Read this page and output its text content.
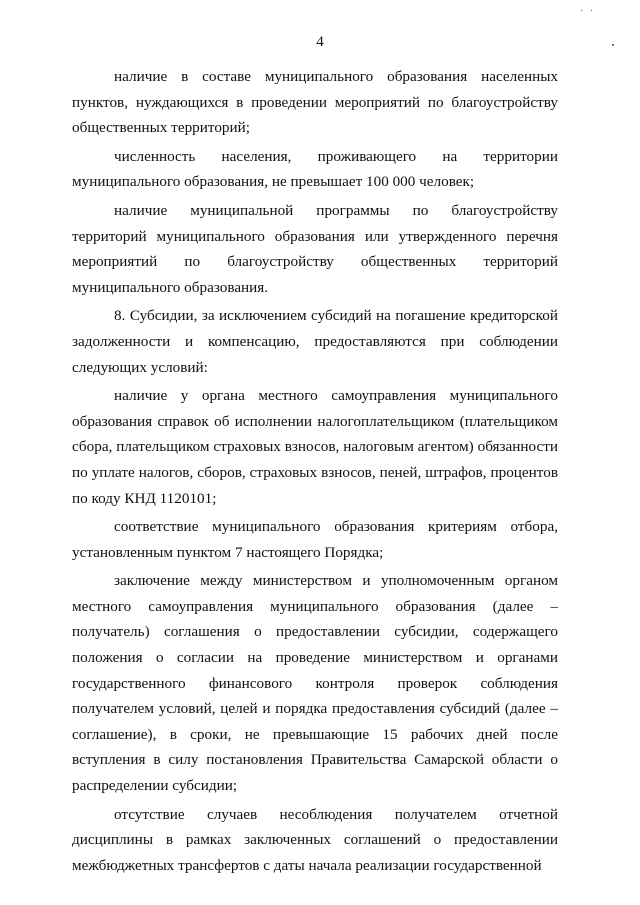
· ·
4

наличие в составе муниципального образования населенных пунктов, нуждающихся в проведении мероприятий по благоустройству общественных территорий;

численность населения, проживающего на территории муниципального образования, не превышает 100 000 человек;

наличие муниципальной программы по благоустройству территорий муниципального образования или утвержденного перечня мероприятий по благоустройству общественных территорий муниципального образования.

8. Субсидии, за исключением субсидий на погашение кредиторской задолженности и компенсацию, предоставляются при соблюдении следующих условий:

наличие у органа местного самоуправления муниципального образования справок об исполнении налогоплательщиком (плательщиком сбора, плательщиком страховых взносов, налоговым агентом) обязанности по уплате налогов, сборов, страховых взносов, пеней, штрафов, процентов по коду КНД 1120101;

соответствие муниципального образования критериям отбора, установленным пунктом 7 настоящего Порядка;

заключение между министерством и уполномоченным органом местного самоуправления муниципального образования (далее – получатель) соглашения о предоставлении субсидии, содержащего положения о согласии на проведение министерством и органами государственного финансового контроля проверок соблюдения получателем условий, целей и порядка предоставления субсидий (далее – соглашение), в сроки, не превышающие 15 рабочих дней после вступления в силу постановления Правительства Самарской области о распределении субсидии;

отсутствие случаев несоблюдения получателем отчетной дисциплины в рамках заключенных соглашений о предоставлении межбюджетных трансфертов с даты начала реализации государственной
